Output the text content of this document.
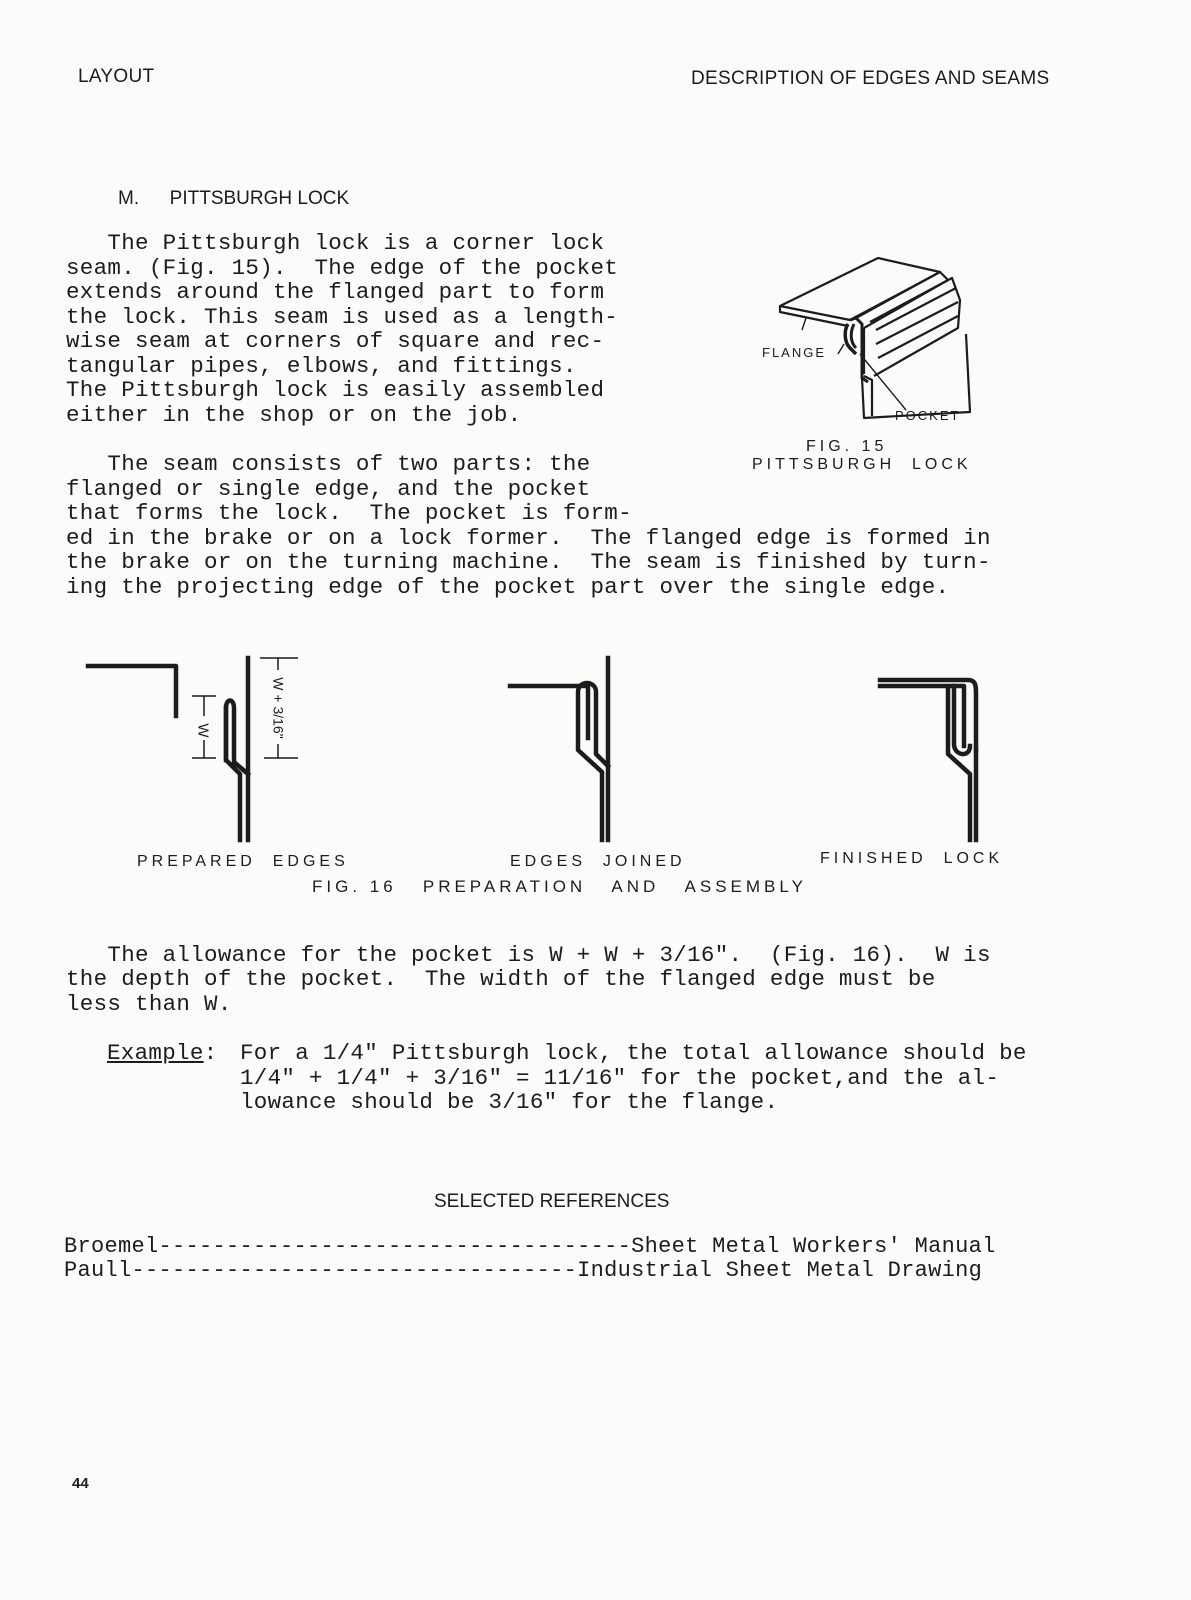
LAYOUT	DESCRIPTION OF EDGES AND SEAMS
M. PITTSBURGH LOCK
The Pittsburgh lock is a corner lock
seam. (Fig. 15).  The edge of the pocket
extends around the flanged part to form
the lock. This seam is used as a length-
wise seam at corners of square and rec-
tangular pipes, elbows, and fittings.
The Pittsburgh lock is easily assembled
either in the shop or on the job.
The seam consists of two parts: the
flanged or single edge, and the pocket
that forms the lock.  The pocket is form-
ed in the brake or on a lock former.  The flanged edge is formed in
the brake or on the turning machine.  The seam is finished by turn-
ing the projecting edge of the pocket part over the single edge.
FLANGE
POCKET
FIG. 15
PITTSBURGH  LOCK
W	W + 3/16"
PREPARED  EDGES	EDGES  JOINED	FINISHED  LOCK
FIG. 16   PREPARATION   AND   ASSEMBLY
The allowance for the pocket is W + W + 3/16".  (Fig. 16).  W is
the depth of the pocket.  The width of the flanged edge must be
less than W.
Example: For a 1/4" Pittsburgh lock, the total allowance should be
1/4" + 1/4" + 3/16" = 11/16" for the pocket,and the al-
lowance should be 3/16" for the flange.
SELECTED REFERENCES
Broemel-----------------------------------Sheet Metal Workers' Manual
Paull---------------------------------Industrial Sheet Metal Drawing
44
